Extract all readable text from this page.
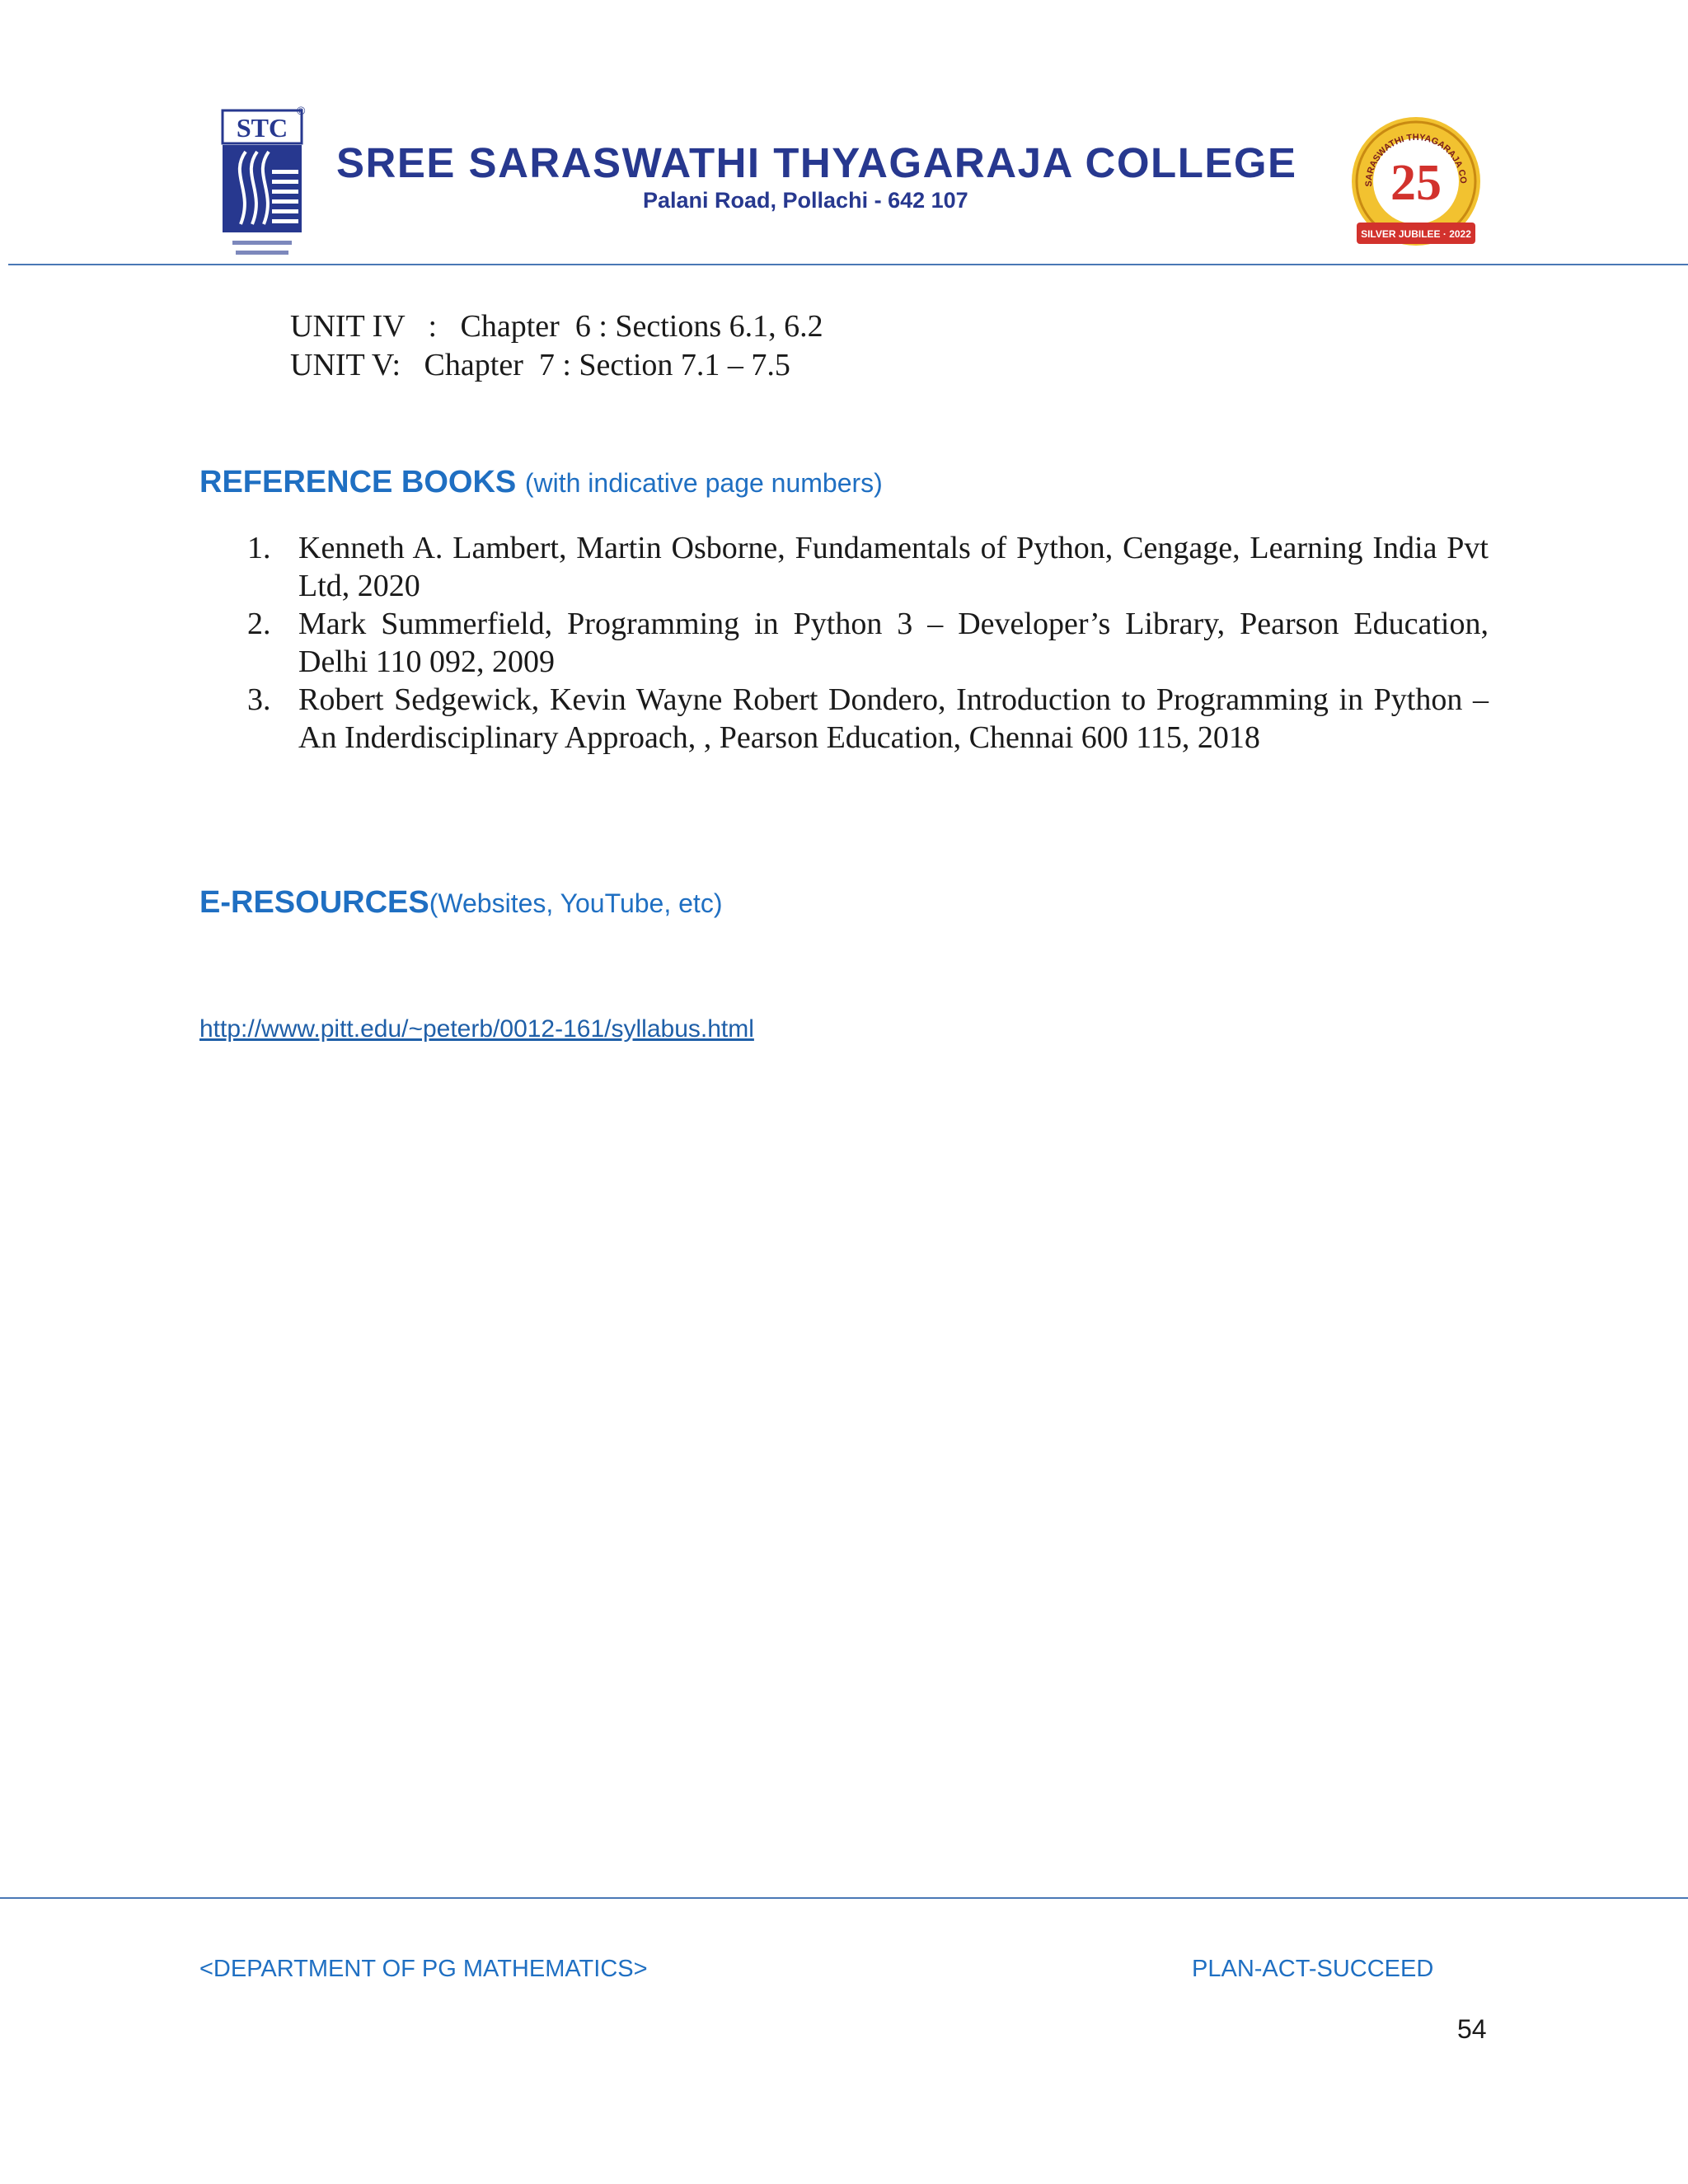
STC
®
SREE SARASWATHI THYAGARAJA COLLEGE

Palani Road, Pollachi - 642 107

SARASWATHI THYAGARAJA CO
25
SILVER JUBILEE · 2022

UNIT IV   :   Chapter  6 : Sections 6.1, 6.2

UNIT V:   Chapter  7 : Section 7.1 – 7.5

REFERENCE BOOKS (with indicative page numbers)
1. Kenneth A. Lambert, Martin Osborne, Fundamentals of Python, Cengage, Learning India Pvt Ltd, 2020
2. Mark Summerfield, Programming in Python 3 – Developer’s Library, Pearson Education, Delhi 110 092, 2009
3. Robert Sedgewick, Kevin Wayne Robert Dondero, Introduction to Programming in Python – An Inderdisciplinary Approach, , Pearson Education, Chennai 600 115, 2018
E-RESOURCES(Websites, YouTube, etc)
http://www.pitt.edu/~peterb/0012-161/syllabus.html
<DEPARTMENT OF PG MATHEMATICS>	PLAN-ACT-SUCCEED
54
